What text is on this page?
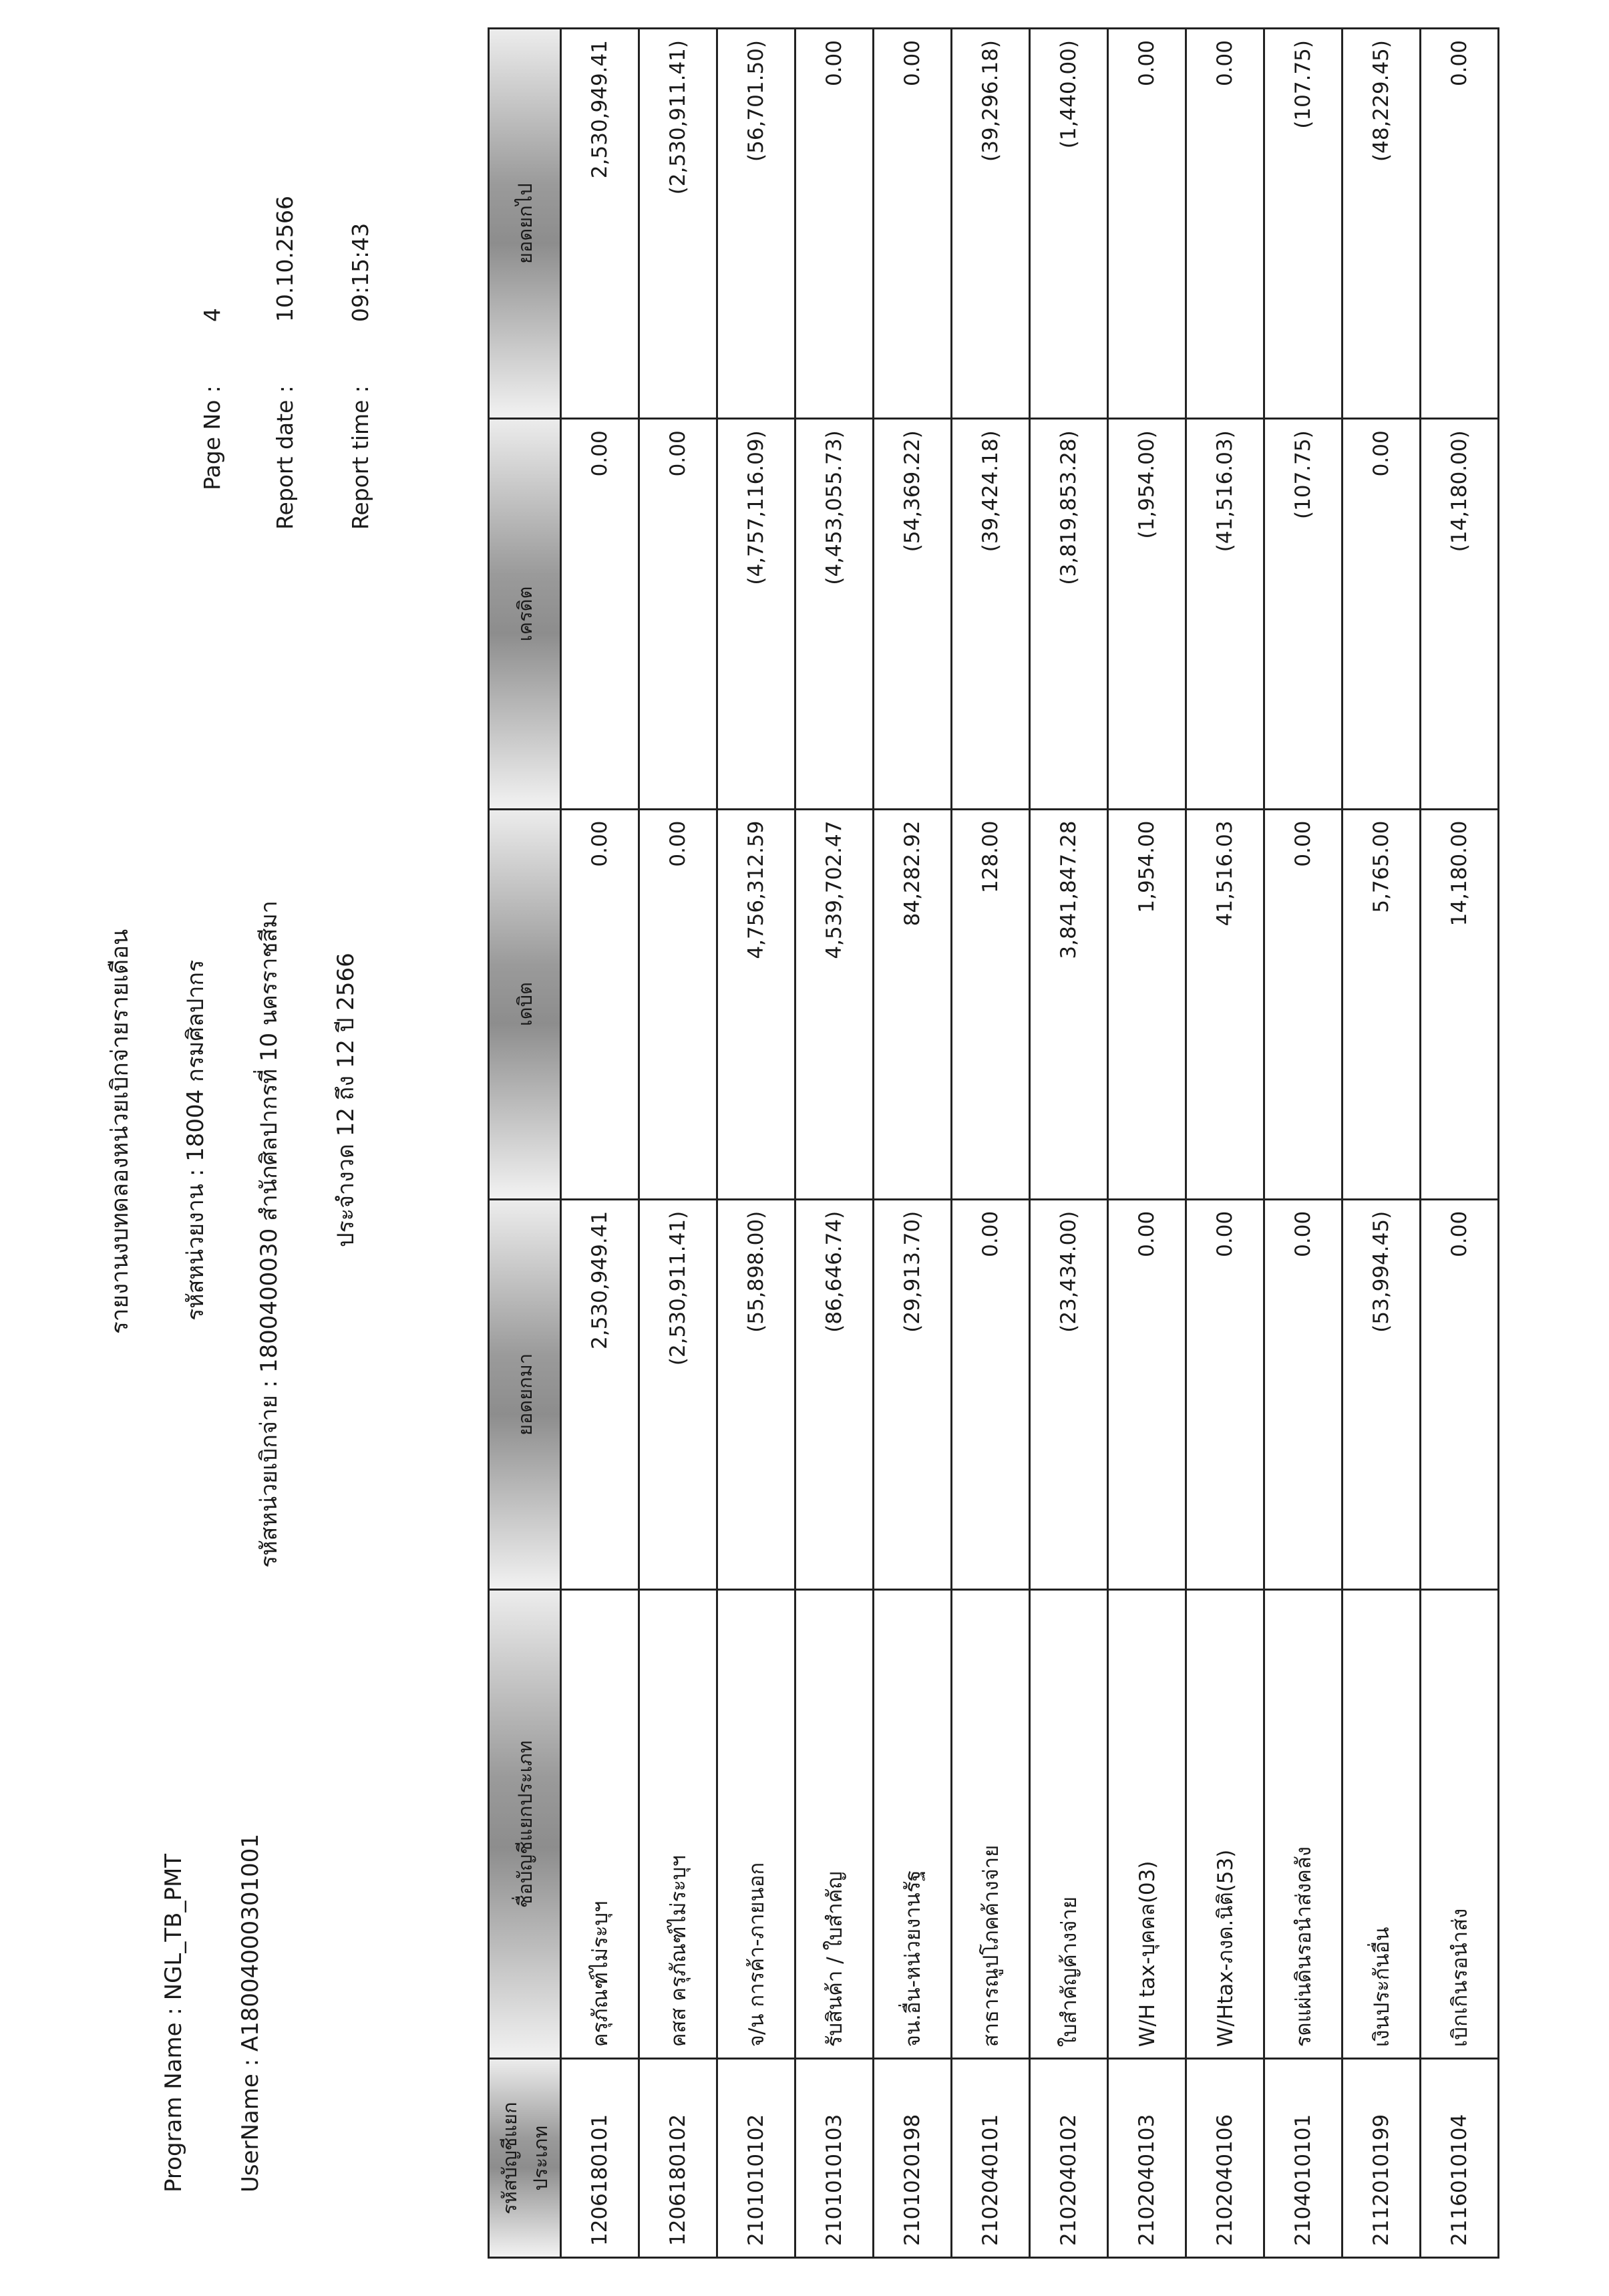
Program Name : NGL_TB_PMT UserName : A18004000301001
รายงานงบทดลองหน่วยเบิกจ่ายรายเดือน รหัสหน่วยงาน : 18004 กรมศิลปากร รหัสหน่วยเบิกจ่าย : 1800400030 สำนักศิลปากรที่ 10 นครราชสีมา ประจำงวด 12 ถึง 12 ปี 2566
Page No :
4
Report date :
10.10.2566
Report time :
09:15:43
รหัสบัญชีแยกประเภท	ชื่อบัญชีแยกประเภท	ยอดยกมา	เดบิต	เครดิต	ยอดยกไป
1206180101	ครุภัณฑ์ไม่ระบุฯ	2,530,949.41	0.00	0.00	2,530,949.41
1206180102	คสส ครุภัณฑ์ไม่ระบุฯ	(2,530,911.41)	0.00	0.00	(2,530,911.41)
2101010102	จ/น การค้า-ภายนอก	(55,898.00)	4,756,312.59	(4,757,116.09)	(56,701.50)
2101010103	รับสินค้า / ใบสำคัญ	(86,646.74)	4,539,702.47	(4,453,055.73)	0.00
2101020198	จน.อื่น-หน่วยงานรัฐ	(29,913.70)	84,282.92	(54,369.22)	0.00
2102040101	สาธารณูปโภคค้างจ่าย	0.00	128.00	(39,424.18)	(39,296.18)
2102040102	ใบสำคัญค้างจ่าย	(23,434.00)	3,841,847.28	(3,819,853.28)	(1,440.00)
2102040103	W/H tax-บุคคล(03)	0.00	1,954.00	(1,954.00)	0.00
2102040106	W/Htax-ภงด.นิติ(53)	0.00	41,516.03	(41,516.03)	0.00
2104010101	รดแผ่นดินรอนำส่งคลัง	0.00	0.00	(107.75)	(107.75)
2112010199	เงินประกันอื่น	(53,994.45)	5,765.00	0.00	(48,229.45)
2116010104	เบิกเกินรอนำส่ง	0.00	14,180.00	(14,180.00)	0.00
